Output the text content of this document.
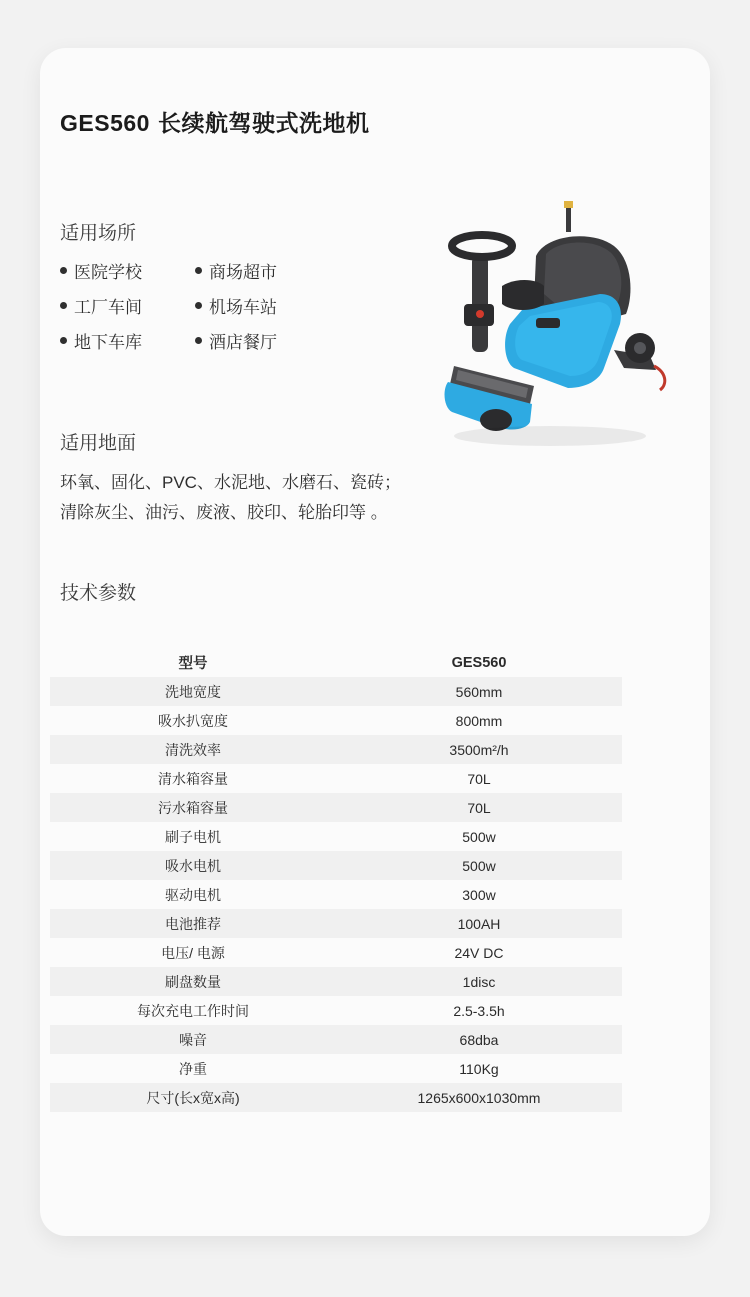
GES560 长续航驾驶式洗地机
适用场所
医院学校	商场超市
工厂车间	机场车站
地下车库	酒店餐厅
适用地面
环氧、固化、PVC、水泥地、水磨石、瓷砖；
清除灰尘、油污、废液、胶印、轮胎印等 。
技术参数
型号	GES560
洗地宽度	560mm
吸水扒宽度	800mm
清洗效率	3500m²/h
清水箱容量	70L
污水箱容量	70L
刷子电机	500w
吸水电机	500w
驱动电机	300w
电池推荐	100AH
电压/ 电源	24V DC
刷盘数量	1disc
每次充电工作时间	2.5-3.5h
噪音	68dba
净重	110Kg
尺寸(长x宽x高)	1265x600x1030mm
